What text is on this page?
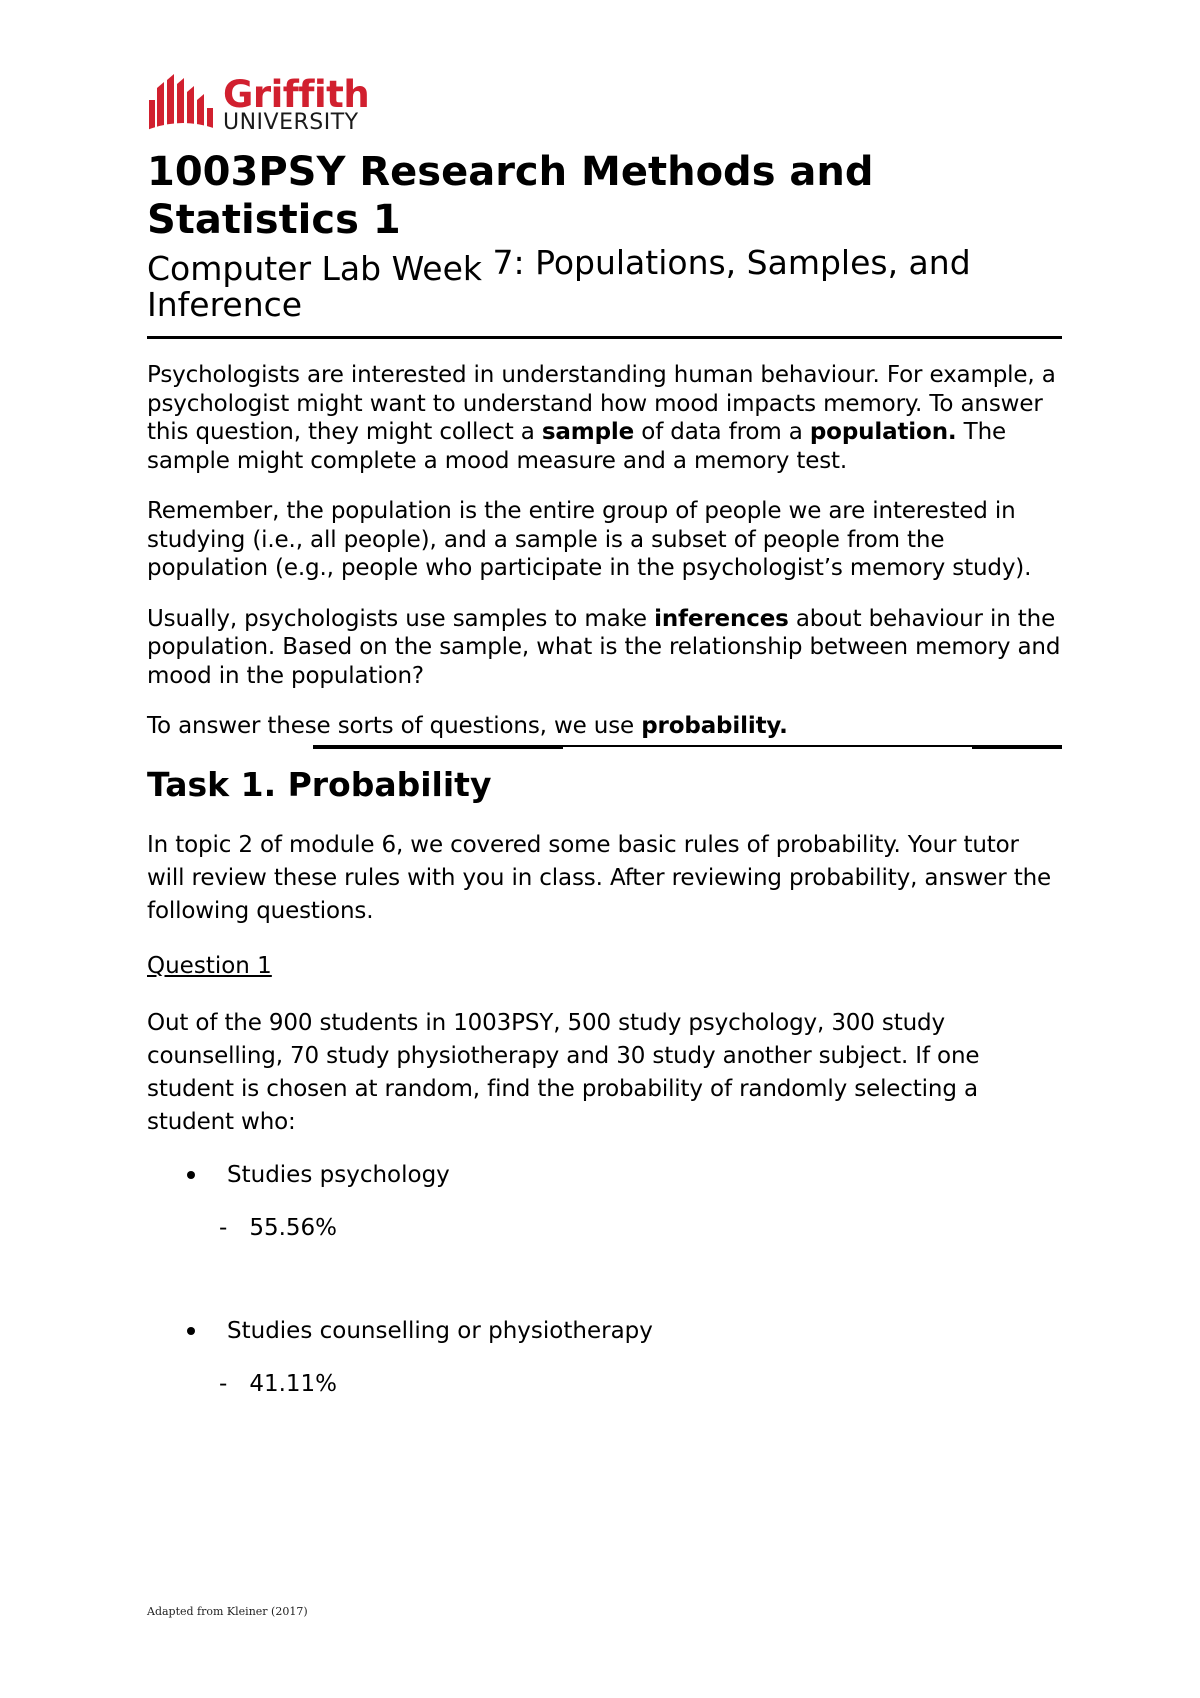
Griffith
UNIVERSITY
1003PSY Research Methods and Statistics 1
Computer Lab Week 7: Populations, Samples, and Inference

Psychologists are interested in understanding human behaviour. For example, a psychologist might want to understand how mood impacts memory. To answer this question, they might collect a sample of data from a population. The sample might complete a mood measure and a memory test.

Remember, the population is the entire group of people we are interested in studying (i.e., all people), and a sample is a subset of people from the population (e.g., people who participate in the psychologist’s memory study).

Usually, psychologists use samples to make inferences about behaviour in the population. Based on the sample, what is the relationship between memory and mood in the population?

To answer these sorts of questions, we use probability.

Task 1. Probability

In topic 2 of module 6, we covered some basic rules of probability. Your tutor will review these rules with you in class. After reviewing probability, answer the following questions.

Question 1

Out of the 900 students in 1003PSY, 500 study psychology, 300 study counselling, 70 study physiotherapy and 30 study another subject. If one student is chosen at random, find the probability of randomly selecting a student who:

Studies psychology
- 55.56%
Studies counselling or physiotherapy
- 41.11%
Adapted from Kleiner (2017)
